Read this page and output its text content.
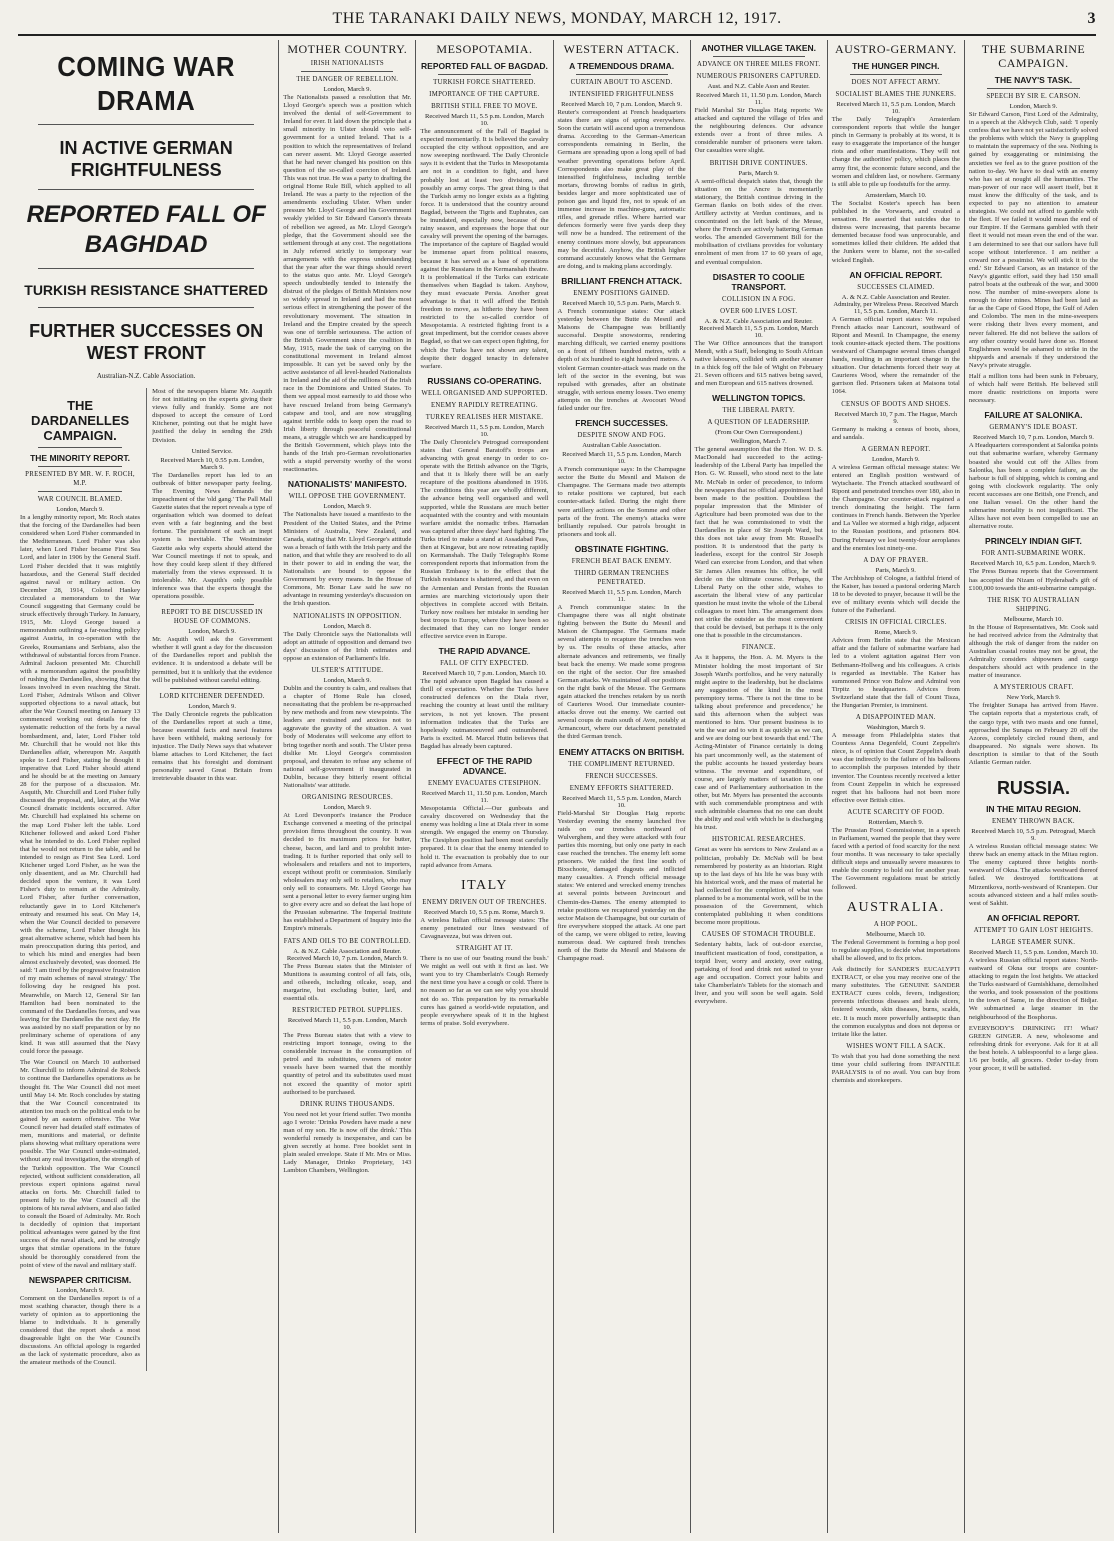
THE TARANAKI DAILY NEWS, MONDAY, MARCH 12, 1917.	3
COMING WAR DRAMA
IN ACTIVE GERMAN FRIGHTFULNESS
REPORTED FALL OF BAGHDAD
TURKISH RESISTANCE SHATTERED
FURTHER SUCCESSES ON WEST FRONT
Australian-N.Z. Cable Association.
THE DARDANELLES CAMPAIGN.
THE MINORITY REPORT.
PRESENTED BY MR. W. F. ROCH, M.P.
WAR COUNCIL BLAMED.
London, March 9.

In a lengthy minority report, Mr. Roch states that the forcing of the Dardanelles had been considered when Lord Fisher commanded in the Mediterranean. Lord Fisher was also later, when Lord Fisher became First Sea Lord, and later in 1906 by the General Staff. Lord Fisher decided that it was mightily hazardous, and the General Staff decided against naval or military action. On December 28, 1914, Colonel Hankey circulated a memorandum to the War Council suggesting that Germany could be struck effectively through Turkey. In January, 1915, Mr. Lloyd George issued a memorandum outlining a far-reaching policy against Austria, in co-operation with the Greeks, Roumanians and Serbians, also the withdrawal of substantial forces from France. Admiral Jackson presented Mr. Churchill with a memorandum against the possibility of rushing the Dardanelles, showing that the losses involved in even reaching the Strait. Lord Fisher, Admirals Wilson and Oliver supported objections to a naval attack, but after the War Council meeting on January 13 commenced working out details for the systematic reduction of the forts by a naval bombardment, and, later, Lord Fisher told Mr. Churchill that he would not like this Dardanelles affair, whereupon Mr. Asquith spoke to Lord Fisher, stating he thought it imperative that Lord Fisher should attend and he should be at the meeting on January 28 for the purpose of a discussion. Mr. Asquith, Mr. Churchill and Lord Fisher fully discussed the proposal, and, later, at the War Council dramatic incidents occurred. After Mr. Churchill had explained his scheme on the map Lord Fisher left the table. Lord Kitchener followed and asked Lord Fisher what he intended to do. Lord Fisher replied that he would not return to the table, and he intended to resign as First Sea Lord. Lord Kitchener urged Lord Fisher, as he was the only dissentient, and as Mr. Churchill had decided upon the venture, it was Lord Fisher's duty to remain at the Admiralty. Lord Fisher, after further conversation, reluctantly gave in to Lord Kitchener's entreaty and resumed his seat. On May 14, when the War Council decided to persevere with the scheme, Lord Fisher thought his great alternative scheme, which had been his main preoccupation during this period, and to which his mind and energies had been almost exclusively devoted, was doomed. He said: 'I am tired by the progressive frustration of my main schemes of naval strategy.' The following day he resigned his post. Meanwhile, on March 12, General Sir Ian Hamilton had been nominated to the command of the Dardanelles forces, and was leaving for the Dardanelles the next day. He was assisted by no staff preparation or by no preliminary scheme of operations of any kind. It was still assumed that the Navy could force the passage.

The War Council on March 10 authorised Mr. Churchill to inform Admiral de Robeck to continue the Dardanelles operations as he thought fit. The War Council did not meet until May 14. Mr. Roch concludes by stating that the War Council concentrated its attention too much on the political ends to be gained by an eastern offensive. The War Council never had detailed staff estimates of men, munitions and material, or definite plans showing what military operations were possible. The War Council under-estimated, without any real investigation, the strength of the Turkish opposition. The War Council rejected, without sufficient consideration, all previous expert opinions against naval attacks on forts. Mr. Churchill failed to present fully to the War Council all the opinions of his naval advisers, and also failed to consult the Board of Admiralty. Mr. Roch is decidedly of opinion that important political advantages were gained by the first success of the naval attack, and he strongly urges that similar operations in the future should be thoroughly considered from the point of view of the naval and military staff.

NEWSPAPER CRITICISM.
London, March 9.

Comment on the Dardanelles report is of a most scathing character, though there is a variety of opinion as to apportioning the blame to individuals. It is generally considered that the report sheds a most disagreeable light on the War Council's discussions. An official apology is regarded as the lack of systematic procedure, also as the amateur methods of the Council.

Most of the newspapers blame Mr. Asquith for not initiating on the experts giving their views fully and frankly. Some are not disposed to accept the censure of Lord Kitchener, pointing out that he might have justified the delay in sending the 29th Division.

United Service.
Received March 10, 0.55 p.m. London, March 9.

The Dardanelles report has led to an outbreak of bitter newspaper party feeling. The Evening News demands the impeachment of the 'old gang.' The Pall Mall Gazette states that the report reveals a type of organisation which was doomed to defeat even with a fair beginning and the best fortune. The punishment of such an inept system is inevitable. The Westminster Gazette asks why experts should attend the War Council meetings if not to speak, and how they could keep silent if they differed materially from the views expressed. It is intolerable. Mr. Asquith's only possible inference was that the experts thought the operations possible.

REPORT TO BE DISCUSSED IN HOUSE OF COMMONS.
London, March 9.

Mr. Asquith will ask the Government whether it will grant a day for the discussion of the Dardanelles report and publish the evidence. It is understood a debate will be permitted, but it is unlikely that the evidence will be published without careful editing.

LORD KITCHENER DEFENDED.
London, March 9.

The Daily Chronicle regrets the publication of the Dardanelles report at such a time, because essential facts and naval features have been withheld, making seriously for injustice. The Daily News says that whatever blame attaches to Lord Kitchener, the fact remains that his foresight and dominant personality saved Great Britain from irretrievable disaster in this war.

MOTHER COUNTRY.
IRISH NATIONALISTS
THE DANGER OF REBELLION.
London, March 9.

The Nationalists passed a resolution that Mr. Lloyd George's speech was a position which involved the denial of self-Government to Ireland for ever. It laid down the principle that a small minority in Ulster should veto self-government for a united Ireland. That is a position to which the representatives of Ireland can never assent. Mr. Lloyd George asserted that he had never changed his position on this question of the so-called coercion of Ireland. This was not true. He was a party to drafting the original Home Rule Bill, which applied to all Ireland. He was a party to the rejection of the amendments excluding Ulster. When under pressure Mr. Lloyd George and his Government weakly yielded to Sir Edward Carson's threats of rebellion we agreed, as Mr. Lloyd George's pledge, that the Government should see the settlement through at any cost. The negotiations in July referred strictly to temporary war arrangements with the express understanding that the year after the war things should revert to the status quo ante. Mr. Lloyd George's speech undoubtedly tended to intensify the distrust of the pledges of British Ministers now so widely spread in Ireland and had the most serious effect in strengthening the power of the revolutionary movement. The situation in Ireland and the Empire created by the speech was one of terrible seriousness. The action of the British Government since the coalition in May, 1915, made the task of carrying on the constitutional movement in Ireland almost impossible. It can yet be saved only by the active assistance of all level-headed Nationalists in Ireland and the aid of the millions of the Irish race in the Dominions and United States. To them we appeal most earnestly to aid those who have rescued Ireland from being Germany's catspaw and tool, and are now struggling against terrible odds to keep open the road to Irish liberty through peaceful constitutional means, a struggle which we are handicapped by the British Government, which plays into the hands of the Irish pro-German revolutionaries with a stupid perversity worthy of the worst reactionaries.

NATIONALISTS' MANIFESTO.
WILL OPPOSE THE GOVERNMENT.
London, March 9.

The Nationalists have issued a manifesto to the President of the United States, and the Prime Ministers of Australia, New Zealand, and Canada, stating that Mr. Lloyd George's attitude was a breach of faith with the Irish party and the nation, and that while they are resolved to do all in their power to aid in ending the war, the Nationalists are bound to oppose the Government by every means. In the House of Commons, Mr. Bonar Law said he saw no advantage in resuming yesterday's discussion on the Irish question.

NATIONALISTS IN OPPOSITION.
London, March 8.

The Daily Chronicle says the Nationalists will adopt an attitude of opposition and demand two days' discussion of the Irish estimates and oppose an extension of Parliament's life.

ULSTER'S ATTITUDE.
London, March 9.

Dublin and the country is calm, and realises that a chapter of Home Rule has closed, necessitating that the problem be re-approached by new methods and from new viewpoints. The leaders are restrained and anxious not to aggravate the gravity of the situation. A vast body of Moderates will welcome any effort to bring together north and south. The Ulster press dislike Mr. Lloyd George's commission proposal, and threaten to refuse any scheme of national self-government if inaugurated in Dublin, because they bitterly resent official Nationalists' war attitude.

ORGANISING RESOURCES.
London, March 9.

At Lord Devonport's instance the Produce Exchange convened a meeting of the principal provision firms throughout the country. It was decided to fix maximum prices for butter, cheese, bacon, and lard and to prohibit inter-trading. It is further reported that only sell to wholesalers and retailers and not to importers, except without profit or commission. Similarly wholesalers may only sell to retailers, who may only sell to consumers. Mr. Lloyd George has sent a personal letter to every farmer urging him to give every acre and so defeat the last hope of the Prussian submarine. The Imperial Institute has established a Department of Inquiry into the Empire's minerals.

FATS AND OILS TO BE CONTROLLED.
A. & N.Z. Cable Association and Reuter. Received March 10, 7 p.m. London, March 9.

The Press Bureau states that the Minister of Munitions is assuming control of all fats, oils, and oilseeds, including oilcake, soap, and margarine, but excluding butter, lard, and essential oils.

RESTRICTED PETROL SUPPLIES.
Received March 11, 5.5 p.m. London, March 10.

The Press Bureau states that with a view to restricting import tonnage, owing to the considerable increase in the consumption of petrol and its substitutes, owners of motor vessels have been warned that the monthly quantity of petrol and its substitutes used must not exceed the quantity of motor spirit authorised to be purchased.

DRINK RUINS THOUSANDS.

You need not let your friend suffer. Two months ago I wrote: 'Drinks Powders have made a new man of my son. He is now off the drink.' This wonderful remedy is inexpensive, and can be given secretly at home. Free booklet sent in plain sealed envelope. State if Mr. Mrs or Miss. Lady Manager, Drinko Proprietary, 143 Lambton Chambers, Wellington.

MESOPOTAMIA.
REPORTED FALL OF BAGDAD.
TURKISH FORCE SHATTERED.
IMPORTANCE OF THE CAPTURE.
BRITISH STILL FREE TO MOVE.
Received March 11, 5.5 p.m. London, March 10.

The announcement of the Fall of Bagdad is expected momentarily. It is believed the cavalry occupied the city without opposition, and are now sweeping northward. The Daily Chronicle says it is evident that the Turks in Mesopotamia are not in a condition to fight, and have probably lost at least two divisions, and possibly an army corps. The great thing is that the Turkish army no longer exists as a fighting force. It is understood that the country around Bagdad, between the Tigris and Euphrates, can be inundated, especially now, because of the rainy season, and expresses the hope that our cavalry will prevent the opening of the barrages. The importance of the capture of Bagdad would be immense apart from political reasons, because it has served as a base of operations against the Russians in the Kermanshah theatre. It is problematical if the Turks can extricate themselves when Bagdad is taken. Anyhow, they must evacuate Persia. Another great advantage is that it will afford the British freedom to move, as hitherto they have been restricted to the so-called corridor of Mesopotamia. A restricted fighting front is a great impediment, but the corridor ceases above Bagdad, so that we can expect open fighting, for which the Turks have not shown any talent, despite their dogged tenacity in defensive warfare.

RUSSIANS CO-OPERATING.
WELL ORGANISED AND SUPPORTED.
ENEMY RAPIDLY RETREATING.
TURKEY REALISES HER MISTAKE.
Received March 11, 5.5 p.m. London, March 10.

The Daily Chronicle's Petrograd correspondent states that General Baratoff's troops are advancing with great energy in order to co-operate with the British advance on the Tigris, and that it is likely there will be an early recapture of the positions abandoned in 1916. The conditions this year are wholly different, the advance being well organised and well supported, while the Russians are much better acquainted with the country and with mountain warfare amidst the nomadic tribes. Hamadan was captured after three days' hard fighting. The Turks tried to make a stand at Assadabad Pass, then at Kingavar, but are now retreating rapidly on Kermanshah. The Daily Telegraph's Rome correspondent reports that information from the Russian Embassy is to the effect that the Turkish resistance is shattered, and that even on the Armenian and Persian fronts the Russian armies are marching victoriously upon their objectives in complete accord with Britain. Turkey now realises her mistake in sending her best troops to Europe, where they have been so decimated that they can no longer render effective service even in Europe.

THE RAPID ADVANCE.
FALL OF CITY EXPECTED.
Received March 10, 7 p.m. London, March 10.

The rapid advance upon Bagdad has caused a thrill of expectation. Whether the Turks have constructed defences on the Diala river, reaching the country at least until the military services, is not yet known. The present information indicates that the Turks are hopelessly outmanoeuvred and outnumbered. Paris is excited. M. Marcel Hutin believes that Bagdad has already been captured.

EFFECT OF THE RAPID ADVANCE.
ENEMY EVACUATES CTESIPHON.
Received March 11, 11.50 p.m. London, March 11.

Mesopotamia Official.—Our gunboats and cavalry discovered on Wednesday that the enemy was holding a line at Diala river in some strength. We engaged the enemy on Thursday. The Ctesiphon position had been most carefully prepared. It is clear that the enemy intended to hold it. The evacuation is probably due to our rapid advance from Amara.

ITALY
ENEMY DRIVEN OUT OF TRENCHES.
Received March 10, 5.5 p.m. Rome, March 9.

A wireless Italian official message states: The enemy penetrated our lines westward of Cavagnavezza, but was driven out.

STRAIGHT AT IT.

There is no use of our 'beating round the bush.' We might as well out with it first as last. We want you to try Chamberlain's Cough Remedy the next time you have a cough or cold. There is no reason so far as we can see why you should not do so. This preparation by its remarkable cures has gained a world-wide reputation, and people everywhere speak of it in the highest terms of praise. Sold everywhere.

WESTERN ATTACK.
A TREMENDOUS DRAMA.
CURTAIN ABOUT TO ASCEND.
INTENSIFIED FRIGHTFULNESS
Received March 10, 7 p.m. London, March 9.

Reuter's correspondent at French headquarters states there are signs of spring everywhere. Soon the curtain will ascend upon a tremendous drama. According to the German-American correspondents remaining in Berlin, the Germans are spreading upon a long spell of bad weather preventing operations before April. Correspondents also make great play of the intensified frightfulness, including terrible mortars, throwing bombs of radius in girth, besides larger and more sophisticated use of poison gas and liquid fire, not to speak of an immense increase in machine-guns, automatic rifles, and grenade rifles. Where harried war defences formerly were five yards deep they will now be a hundred. The retirement of the enemy continues more slowly, but appearances may be deceitful. Anyhow, the British higher command accurately knows what the Germans are doing, and is making plans accordingly.

BRILLIANT FRENCH ATTACK.
ENEMY POSITIONS GAINED.
Received March 10, 5.5 p.m. Paris, March 9.

A French communique states: Our attack yesterday between the Butte du Mesnil and Maisons de Champagne was brilliantly successful. Despite snowstorms, rendering marching difficult, we carried enemy positions on a front of fifteen hundred metres, with a depth of six hundred to eight hundred metres. A violent German counter-attack was made on the left of the sector in the evening, but was repulsed with grenades, after an obstinate struggle, with serious enemy losses. Two enemy attempts on the trenches at Avocourt Wood failed under our fire.

FRENCH SUCCESSES.
DESPITE SNOW AND FOG.
Australian Cable Association.
Received March 11, 5.5 p.m. London, March 10.

A French communique says: In the Champagne sector the Butte du Mesnil and Maison de Champagne. The Germans made two attempts to retake positions we captured, but each counter-attack failed. During the night there were artillery actions on the Somme and other parts of the front. The enemy's attacks were brilliantly repulsed. Our patrols brought in prisoners and took all.

OBSTINATE FIGHTING.
FRENCH BEAT BACK ENEMY.
THIRD GERMAN TRENCHES PENETRATED.
Received March 11, 5.5 p.m. London, March 11.

A French communique states: In the Champagne there was all night obstinate fighting between the Butte du Mesnil and Maison de Champagne. The Germans made several attempts to recapture the trenches won by us. The results of these attacks, after alternate advances and retirements, we finally beat back the enemy. We made some progress on the right of the sector. Our fire smashed German attacks. We maintained all our positions on the right bank of the Meuse. The Germans again attacked the trenches retaken by us north of Caurieres Wood. Our immediate counter-attacks drove out the enemy. We carried out several coups de main south of Avre, notably at Armancourt, where our detachment penetrated the third German trench.

ENEMY ATTACKS ON BRITISH.
THE COMPLIMENT RETURNED.
FRENCH SUCCESSES.
ENEMY EFFORTS SHATTERED.
Received March 11, 5.5 p.m. London, March 10.

Field-Marshal Sir Douglas Haig reports: Yesterday evening the enemy launched five raids on our trenches northward of Wulverghem, and they were attacked with four parties this morning, but only one party in each case reached the trenches. The enemy left some prisoners. We raided the first line south of Bixschoote, damaged dugouts and inflicted many casualties. A French official message states: We entered and wrecked enemy trenches at several points between Juvincourt and Chemin-des-Dames. The enemy attempted to retake positions we recaptured yesterday on the sector Maison de Champagne, but our curtain of fire everywhere stopped the attack. At one part of the camp, we were obliged to retire, leaving numerous dead. We captured fresh trenches north of the Butte du Mesnil and Maisons de Champagne road.

ANOTHER VILLAGE TAKEN.
ADVANCE ON THREE MILES FRONT.
NUMEROUS PRISONERS CAPTURED.
Aust. and N.Z. Cable Assn and Reuter.
Received March 11, 11.50 p.m. London, March 11.

Field Marshal Sir Douglas Haig reports: We attacked and captured the village of Irles and the neighbouring defences. Our advance extends over a front of three miles. A considerable number of prisoners were taken. Our casualties were slight.

BRITISH DRIVE CONTINUES.
Paris, March 9.

A semi-official despatch states that, though the situation on the Ancre is momentarily stationary, the British continue driving in the German flanks on both sides of the river. Artillery activity at Verdun continues, and is concentrated on the left bank of the Meuse, where the French are actively battering German works. The amended Government Bill for the mobilisation of civilians provides for voluntary enrolment of men from 17 to 60 years of age, and eventual compulsion.

DISASTER TO COOLIE TRANSPORT.
COLLISION IN A FOG.
OVER 600 LIVES LOST.
A. & N.Z. Cable Association and Reuter. Received March 11, 5.5 p.m. London, March 10.

The War Office announces that the transport Mendi, with a Staff, belonging to South African native labourers, collided with another steamer in a thick fog off the Isle of Wight on February 21. Seven officers and 615 natives being saved, and men European and 615 natives drowned.

WELLINGTON TOPICS.
THE LIBERAL PARTY.
A QUESTION OF LEADERSHIP.
(From Our Own Correspondent.)
Wellington, March 7.

The general assumption that the Hon. W. D. S. MacDonald had succeeded to the acting-leadership of the Liberal Party has impelled the Hon. G. W. Russell, who stood next to the late Mr. McNab in order of precedence, to inform the newspapers that no official appointment had been made to the position. Doubtless the popular impression that the Minister of Agriculture had been promoted was due to the fact that he was commissioned to visit the Dardanelles in place of Sir Joseph Ward, but this does not take away from Mr. Russell's position. It is understood that the party is leaderless, except for the control Sir Joseph Ward can exercise from London, and that when Sir James Allen resumes his office, he will decide on the ultimate course. Perhaps, the Liberal Party on the other side, wishes to ascertain the liberal view of any particular question he must invite the whole of the Liberal colleagues to meet him. The arrangement does not strike the outsider as the most convenient that could be devised, but perhaps it is the only one that is possible in the circumstances.

FINANCE.

As it happens, the Hon. A. M. Myers is the Minister holding the most important of Sir Joseph Ward's portfolios, and he very naturally might aspire to the leadership, but he disclaims any suggestion of the kind in the most peremptory terms. 'There is not the time to be talking about preference and precedence,' he said this afternoon when the subject was mentioned to him. 'Our present business is to win the war and to win it as quickly as we can, and we are doing our best towards that end.' The Acting-Minister of Finance certainly is doing his part uncommonly well, as the statement of the public accounts he issued yesterday bears witness. The revenue and expenditure, of course, are largely matters of taxation in one case and of Parliamentary authorisation in the other, but Mr. Myers has presented the accounts with such commendable promptness and with such admirable clearness that no one can doubt the ability and zeal with which he is discharging his trust.

HISTORICAL RESEARCHES.

Great as were his services to New Zealand as a politician, probably Dr. McNab will be best remembered by posterity as an historian. Right up to the last days of his life he was busy with his historical work, and the mass of material he had collected for the completion of what was planned to be a monumental work, will be in the possession of the Government, which contemplated publishing it when conditions become more propitious.

CAUSES OF STOMACH TROUBLE.

Sedentary habits, lack of out-door exercise, insufficient mastication of food, constipation, a torpid liver, worry and anxiety, over eating, partaking of food and drink not suited to your age and occupation. Correct your habits and take Chamberlain's Tablets for the stomach and liver, and you will soon be well again. Sold everywhere.

AUSTRO-GERMANY.
THE HUNGER PINCH.
DOES NOT AFFECT ARMY.
SOCIALIST BLAMES THE JUNKERS.
Received March 11, 5.5 p.m. London, March 10.

The Daily Telegraph's Amsterdam correspondent reports that while the hunger pinch in Germany is probably at its worst, it is easy to exaggerate the importance of the hunger riots and other manifestations. They will not change the authorities' policy, which places the army first, the economic future second, and the women and children last, or nowhere. Germany is still able to pile up foodstuffs for the army.

Amsterdam, March 10.

The Socialist Koster's speech has been published in the Vorwaerts, and created a sensation. He asserted that suicides due to distress were increasing, that parents became demented because food was unprocurable, and sometimes killed their children. He added that the Junkers were to blame, not the so-called wicked English.

AN OFFICIAL REPORT.
SUCCESSES CLAIMED.
A. & N.Z. Cable Association and Reuter. Admiralty, per Wireless Press. Received March 11, 5.5 p.m. London, March 11.

A German official report states: We repulsed French attacks near Lancourt, southward of Ripont and Mesnil. In Champagne, the enemy took counter-attack ejected them. The positions westward of Champagne several times changed hands, resulting in an important change in the situation. Our detachments forced their way at Caurieres Wood, where the remainder of the garrison fled. Prisoners taken at Maisons total 1064.

CENSUS OF BOOTS AND SHOES.
Received March 10, 7 p.m. The Hague, March 9.

Germany is making a census of boots, shoes, and sandals.

A GERMAN REPORT.
London, March 9.

A wireless German official message states: We entered an English position westward of Wytschaete. The French attacked southward of Ripont and penetrated trenches over 180, also in the Champagne. Our counter-attack regained a trench dominating the height. The farm continues in French hands. Between the Yperlee and La Vallee we stormed a high ridge, adjacent to the Russian positions, and prisoners 804. During February we lost twenty-four aeroplanes and the enemies lost ninety-one.

A DAY OF PRAYER.
Paris, March 9.

The Archbishop of Cologne, a faithful friend of the Kaiser, has issued a pastoral ordering March 18 to be devoted to prayer, because it will be the eve of military events which will decide the future of the Fatherland.

CRISIS IN OFFICIAL CIRCLES.
Rome, March 9.

Advices from Berlin state that the Mexican affair and the failure of submarine warfare had led to a violent agitation against Herr von Bethmann-Hollweg and his colleagues. A crisis is regarded as inevitable. The Kaiser has summoned Prince von Bulow and Admiral von Tirpitz to headquarters. Advices from Switzerland state that the fall of Count Tisza, the Hungarian Premier, is imminent.

A DISAPPOINTED MAN.
Washington, March 9.

A message from Philadelphia states that Countess Anna Degenfeld, Count Zeppelin's niece, is of opinion that Count Zeppelin's death was due indirectly to the failure of his balloons to accomplish the purposes intended by their inventor. The Countess recently received a letter from Count Zeppelin in which he expressed regret that his balloons had not been more effective over British cities.

ACUTE SCARCITY OF FOOD.
Rotterdam, March 9.

The Prussian Food Commissioner, in a speech in Parliament, warned the people that they were faced with a period of food scarcity for the next four months. It was necessary to take specially difficult steps and unusually severe measures to enable the country to hold out for another year. The Government regulations must be strictly followed.

AUSTRALIA.
A HOP POOL.
Melbourne, March 10.

The Federal Government is forming a hop pool to regulate supplies, to decide what importations shall be allowed, and to fix prices.

Ask distinctly for SANDER'S EUCALYPTI EXTRACT, or else you may receive one of the many substitutes. The GENUINE SANDER EXTRACT cures colds, fevers, indigestion; prevents infectious diseases and heals ulcers, festered wounds, skin diseases, burns, scalds, etc. It is much more powerfully antiseptic than the common eucalyptus and does not depress or irritate like the latter.

WISHES WON'T FILL A SACK.

To wish that you had done something the next time your child suffering from INFANTILE PARALYSIS is of no avail. You can buy from chemists and storekeepers.

THE SUBMARINE CAMPAIGN.
THE NAVY'S TASK.
SPEECH BY SIR E. CARSON.
London, March 9.

Sir Edward Carson, First Lord of the Admiralty, in a speech at the Aldwych Club, said: 'I openly confess that we have not yet satisfactorily solved the problems with which the Navy is grappling to maintain the supremacy of the sea. Nothing is gained by exaggerating or minimising the anxieties we feel as to the grave position of the nation to-day. We have to deal with an enemy who has set at nought all the humanities. The man-power of our race will assert itself, but it must know the difficulty of the task, and is expected to pay no attention to amateur strategists. We could not afford to gamble with the fleet. If we failed it would mean the end of our Empire. If the Germans gambled with their fleet it would not mean even the end of the war. I am determined to see that our sailors have full scope without interference. I am neither a coward nor a pessimist. We will stick it to the end.' Sir Edward Carson, as an instance of the Navy's gigantic effort, said they had 150 small patrol boats at the outbreak of the war, and 3000 now. The number of mine-sweepers alone is enough to deter mines. Mines had been laid as far as the Cape of Good Hope, the Gulf of Aden and Colombo. The men in the mine-sweepers were risking their lives every moment, and never faltered. He did not believe the sailors of any other country would have done so. Honest Englishmen would be ashamed to strike in the shipyards and arsenals if they understood the Navy's private struggle.

Half a million tons had been sunk in February, of which half were British. He believed still more drastic restrictions on imports were necessary.

FAILURE AT SALONIKA.
GERMANY'S IDLE BOAST.
Received March 10, 7 p.m. London, March 9.

A Headquarters correspondent at Salonika points out that submarine warfare, whereby Germany boasted she would cut off the Allies from Salonika, has been a complete failure, as the harbour is full of shipping, which is coming and going with clockwork regularity. The only recent successes are one British, one French, and one Italian vessel. On the other hand the submarine mortality is not insignificant. The Allies have not even been compelled to use an alternative route.

PRINCELY INDIAN GIFT.
FOR ANTI-SUBMARINE WORK.
Received March 10, 6.5 p.m. London, March 9.

The Press Bureau reports that the Government has accepted the Nizam of Hyderabad's gift of £100,000 towards the anti-submarine campaign.

THE RISK TO AUSTRALIAN SHIPPING.
Melbourne, March 10.

In the House of Representatives, Mr. Cook said he had received advice from the Admiralty that although the risk of danger from the raider on Australian coastal routes may not be great, the Admiralty considers shipowners and cargo despatchers should act with prudence in the matter of insurance.

A MYSTERIOUS CRAFT.
New York, March 9.

The freighter Sunapa has arrived from Havre. The captain reports that a mysterious craft, of the cargo type, with two masts and one funnel, approached the Sunapa on February 20 off the Azores, completely circled round them, and disappeared. No signals were shown. Its description is similar to that of the South Atlantic German raider.

RUSSIA.
IN THE MITAU REGION.
ENEMY THROWN BACK.
Received March 10, 5.5 p.m. Petrograd, March 9.

A wireless Russian official message states: We threw back an enemy attack in the Mitau region. The enemy captured three heights north-westward of Okna. The attacks westward thereof failed. We destroyed fortifications at Mirzenikova, north-westward of Kraniepen. Our scouts advanced sixteen and a half miles south-west of Sakhit.

AN OFFICIAL REPORT.
ATTEMPT TO GAIN LOST HEIGHTS.
LARGE STEAMER SUNK.
Received March 11, 5.5 p.m. London, March 10.

A wireless Russian official report states: North-eastward of Okna our troops are counter-attacking to regain the lost heights. We attacked the Turks eastward of Gumishkhane, demolished the works, and took possession of the positions in the town of Same, in the direction of Bidjar. We submarined a large steamer in the neighbourhood of the Bosphorus.

EVERYBODY'S DRINKING IT! What? GREEN GINGER. A new, wholesome and refreshing drink for everyone. Ask for it at all the best hotels. A tablespoonful to a large glass. 1/6 per bottle, all grocers. Order to-day from your grocer, it will be satisfied.
